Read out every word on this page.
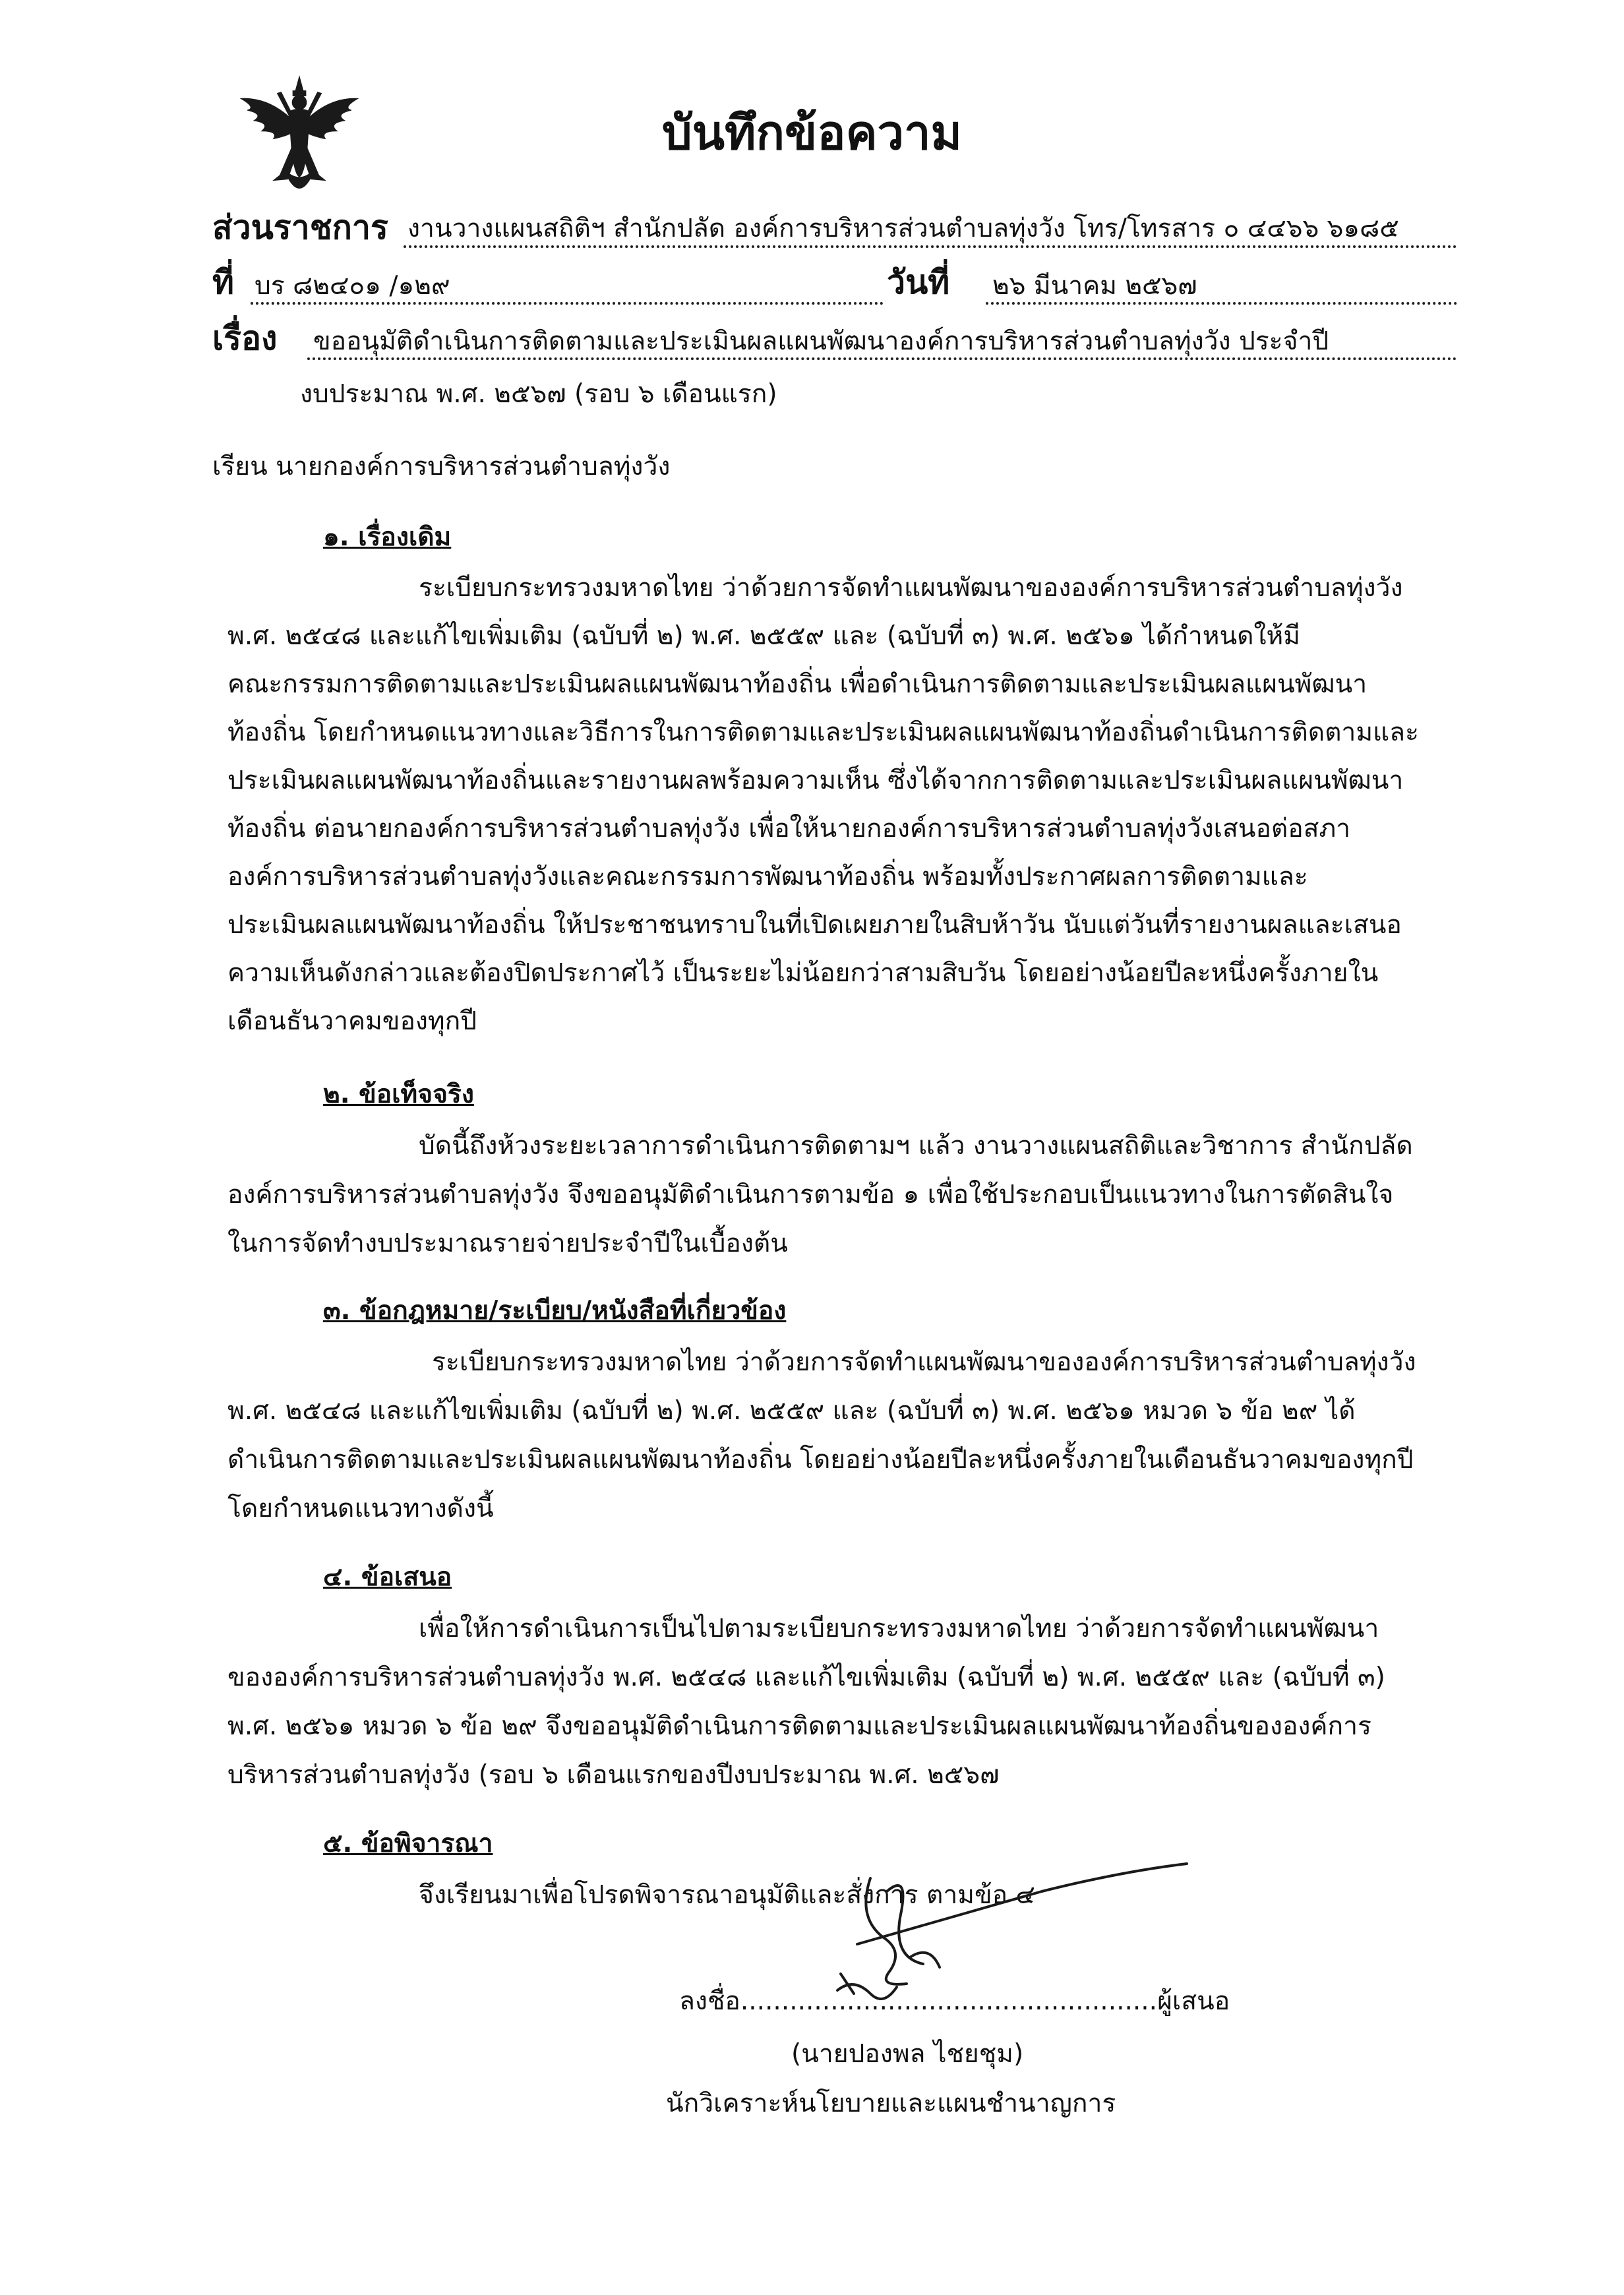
บันทึกข้อความ
ส่วนราชการ งานวางแผนสถิติฯ สำนักปลัด องค์การบริหารส่วนตำบลทุ่งวัง โทร/โทรสาร ๐ ๔๔๖๖ ๖๑๘๕
ที่ บร ๘๒๔๐๑ /๑๒๙	วันที่ ๒๖ มีนาคม ๒๕๖๗
เรื่อง ขออนุมัติดำเนินการติดตามและประเมินผลแผนพัฒนาองค์การบริหารส่วนตำบลทุ่งวัง ประจำปี
งบประมาณ พ.ศ. ๒๕๖๗ (รอบ ๖ เดือนแรก)
เรียน นายกองค์การบริหารส่วนตำบลทุ่งวัง
๑. เรื่องเดิม
ระเบียบกระทรวงมหาดไทย ว่าด้วยการจัดทำแผนพัฒนาขององค์การบริหารส่วนตำบลทุ่งวัง
พ.ศ. ๒๕๔๘ และแก้ไขเพิ่มเติม (ฉบับที่ ๒) พ.ศ. ๒๕๕๙ และ (ฉบับที่ ๓) พ.ศ. ๒๕๖๑ ได้กำหนดให้มี
คณะกรรมการติดตามและประเมินผลแผนพัฒนาท้องถิ่น เพื่อดำเนินการติดตามและประเมินผลแผนพัฒนา
ท้องถิ่น โดยกำหนดแนวทางและวิธีการในการติดตามและประเมินผลแผนพัฒนาท้องถิ่นดำเนินการติดตามและ
ประเมินผลแผนพัฒนาท้องถิ่นและรายงานผลพร้อมความเห็น ซึ่งได้จากการติดตามและประเมินผลแผนพัฒนา
ท้องถิ่น ต่อนายกองค์การบริหารส่วนตำบลทุ่งวัง เพื่อให้นายกองค์การบริหารส่วนตำบลทุ่งวังเสนอต่อสภา
องค์การบริหารส่วนตำบลทุ่งวังและคณะกรรมการพัฒนาท้องถิ่น พร้อมทั้งประกาศผลการติดตามและ
ประเมินผลแผนพัฒนาท้องถิ่น ให้ประชาชนทราบในที่เปิดเผยภายในสิบห้าวัน นับแต่วันที่รายงานผลและเสนอ
ความเห็นดังกล่าวและต้องปิดประกาศไว้ เป็นระยะไม่น้อยกว่าสามสิบวัน โดยอย่างน้อยปีละหนึ่งครั้งภายใน
เดือนธันวาคมของทุกปี
๒. ข้อเท็จจริง
บัดนี้ถึงห้วงระยะเวลาการดำเนินการติดตามฯ แล้ว งานวางแผนสถิติและวิชาการ สำนักปลัด
องค์การบริหารส่วนตำบลทุ่งวัง จึงขออนุมัติดำเนินการตามข้อ ๑ เพื่อใช้ประกอบเป็นแนวทางในการตัดสินใจ
ในการจัดทำงบประมาณรายจ่ายประจำปีในเบื้องต้น
๓. ข้อกฎหมาย/ระเบียบ/หนังสือที่เกี่ยวข้อง
ระเบียบกระทรวงมหาดไทย ว่าด้วยการจัดทำแผนพัฒนาขององค์การบริหารส่วนตำบลทุ่งวัง
พ.ศ. ๒๕๔๘ และแก้ไขเพิ่มเติม (ฉบับที่ ๒) พ.ศ. ๒๕๕๙ และ (ฉบับที่ ๓) พ.ศ. ๒๕๖๑ หมวด ๖ ข้อ ๒๙ ได้
ดำเนินการติดตามและประเมินผลแผนพัฒนาท้องถิ่น โดยอย่างน้อยปีละหนึ่งครั้งภายในเดือนธันวาคมของทุกปี
โดยกำหนดแนวทางดังนี้
๔. ข้อเสนอ
เพื่อให้การดำเนินการเป็นไปตามระเบียบกระทรวงมหาดไทย ว่าด้วยการจัดทำแผนพัฒนา
ขององค์การบริหารส่วนตำบลทุ่งวัง พ.ศ. ๒๕๔๘ และแก้ไขเพิ่มเติม (ฉบับที่ ๒) พ.ศ. ๒๕๕๙ และ (ฉบับที่ ๓)
พ.ศ. ๒๕๖๑ หมวด ๖ ข้อ ๒๙ จึงขออนุมัติดำเนินการติดตามและประเมินผลแผนพัฒนาท้องถิ่นขององค์การ
บริหารส่วนตำบลทุ่งวัง (รอบ ๖ เดือนแรกของปีงบประมาณ พ.ศ. ๒๕๖๗
๕. ข้อพิจารณา
จึงเรียนมาเพื่อโปรดพิจารณาอนุมัติและสั่งการ ตามข้อ ๔
ลงชื่อ...................................................ผู้เสนอ
(นายปองพล ไชยชุม)
นักวิเคราะห์นโยบายและแผนชำนาญการ
